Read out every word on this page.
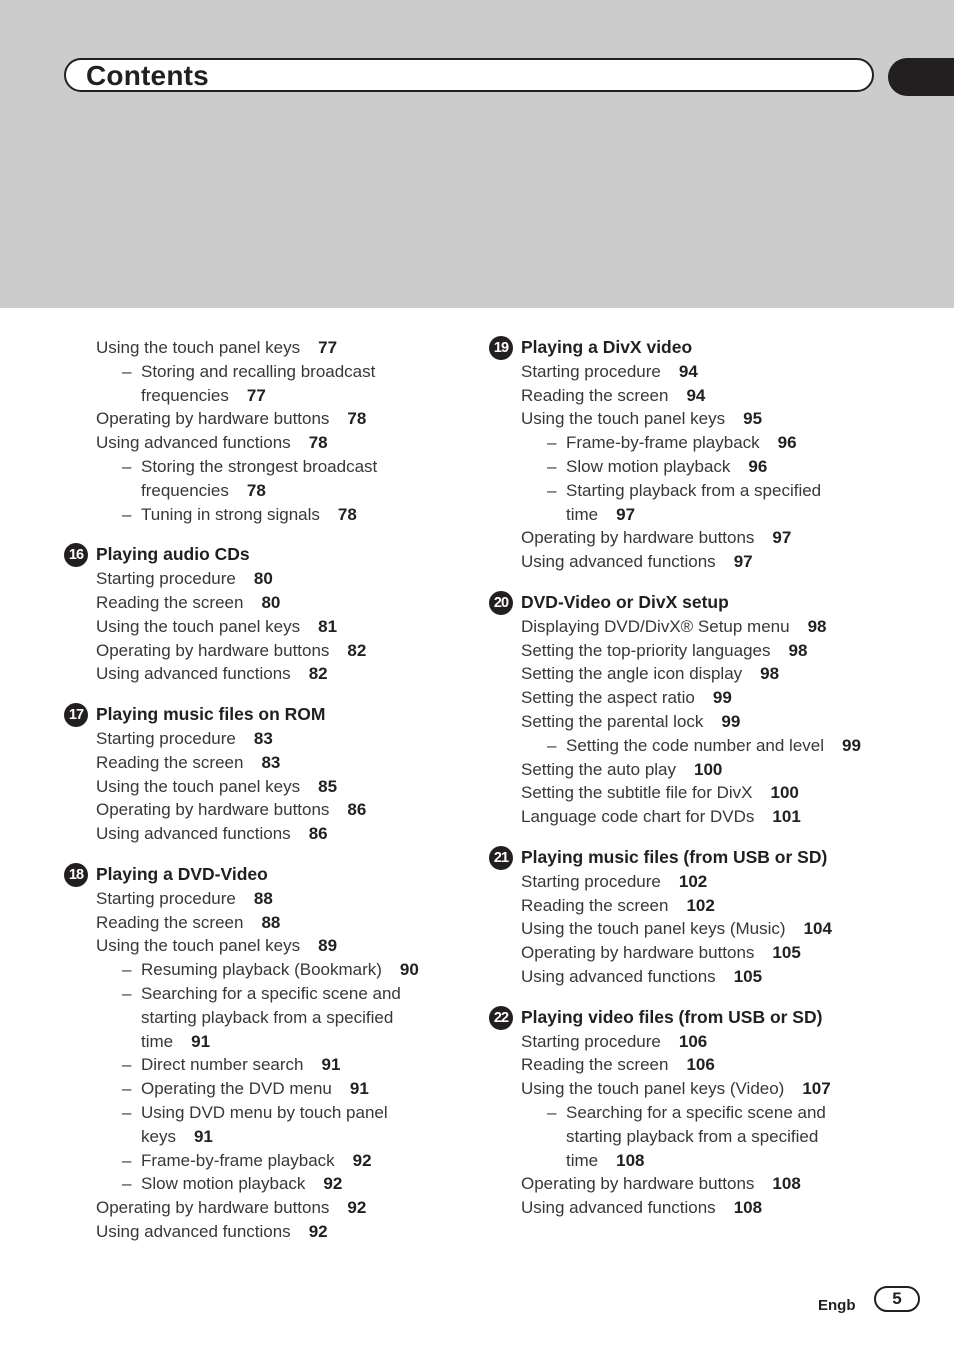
Contents
Using the touch panel keys 77
– Storing and recalling broadcast
frequencies 77
Operating by hardware buttons 78
Using advanced functions 78
– Storing the strongest broadcast
frequencies 78
– Tuning in strong signals 78
16 Playing audio CDs
Starting procedure 80
Reading the screen 80
Using the touch panel keys 81
Operating by hardware buttons 82
Using advanced functions 82
17 Playing music files on ROM
Starting procedure 83
Reading the screen 83
Using the touch panel keys 85
Operating by hardware buttons 86
Using advanced functions 86
18 Playing a DVD-Video
Starting procedure 88
Reading the screen 88
Using the touch panel keys 89
– Resuming playback (Bookmark) 90
– Searching for a specific scene and
starting playback from a specified
time 91
– Direct number search 91
– Operating the DVD menu 91
– Using DVD menu by touch panel
keys 91
– Frame-by-frame playback 92
– Slow motion playback 92
Operating by hardware buttons 92
Using advanced functions 92
19 Playing a DivX video
Starting procedure 94
Reading the screen 94
Using the touch panel keys 95
– Frame-by-frame playback 96
– Slow motion playback 96
– Starting playback from a specified
time 97
Operating by hardware buttons 97
Using advanced functions 97
20 DVD-Video or DivX setup
Displaying DVD/DivX® Setup menu 98
Setting the top-priority languages 98
Setting the angle icon display 98
Setting the aspect ratio 99
Setting the parental lock 99
– Setting the code number and level 99
Setting the auto play 100
Setting the subtitle file for DivX 100
Language code chart for DVDs 101
21 Playing music files (from USB or SD)
Starting procedure 102
Reading the screen 102
Using the touch panel keys (Music) 104
Operating by hardware buttons 105
Using advanced functions 105
22 Playing video files (from USB or SD)
Starting procedure 106
Reading the screen 106
Using the touch panel keys (Video) 107
– Searching for a specific scene and
starting playback from a specified
time 108
Operating by hardware buttons 108
Using advanced functions 108
Engb	5
